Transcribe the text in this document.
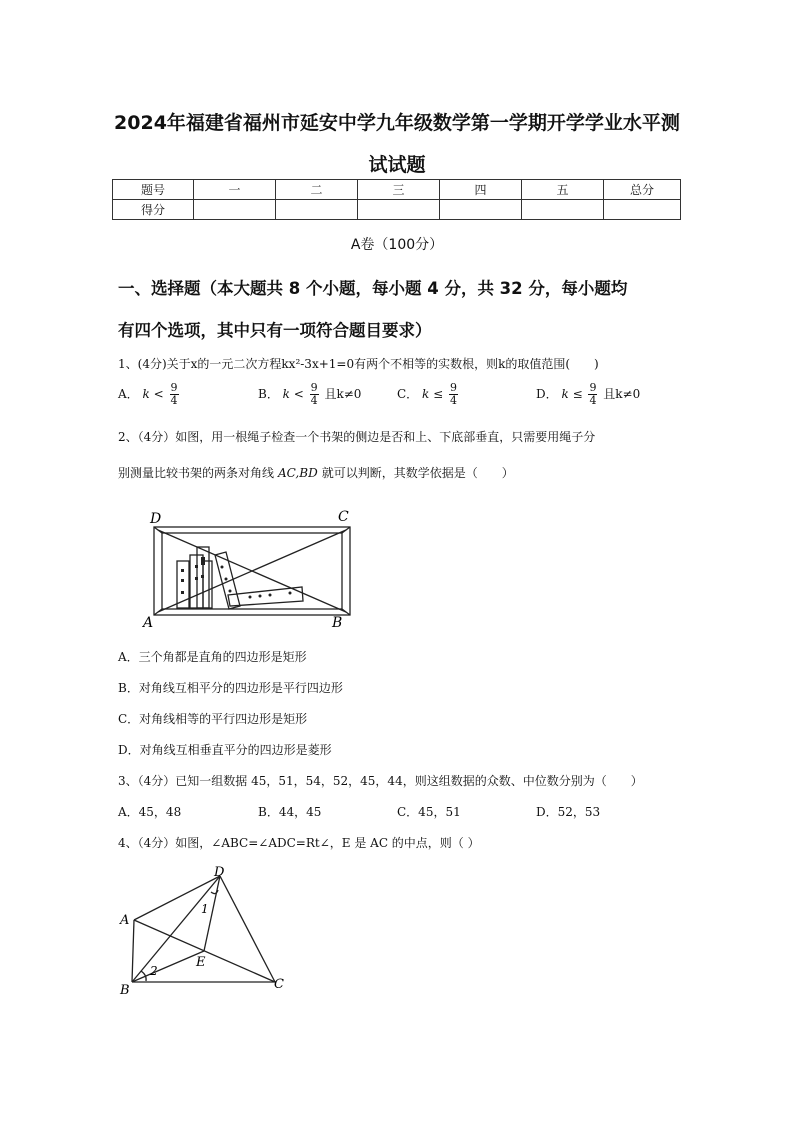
2024年福建省福州市延安中学九年级数学第一学期开学学业水平测
试试题
题号	一	二	三	四	五	总分
得分						
A卷（100分）
一、选择题（本大题共 8 个小题，每小题 4 分，共 32 分，每小题均
有四个选项，其中只有一项符合题目要求）
1、(4分)关于x的一元二次方程kx²-3x+1=0有两个不相等的实数根，则k的取值范围(　　)
A． $k < \frac{9}{4}$	B． $k < \frac{9}{4}$ 且k≠0	C． $k \le \frac{9}{4}$	D． $k \le \frac{9}{4}$ 且k≠0
2、（4分）如图，用一根绳子检查一个书架的侧边是否和上、下底部垂直，只需要用绳子分
别测量比较书架的两条对角线 AC,BD 就可以判断，其数学依据是（　　）
D	C
A	B
A．三个角都是直角的四边形是矩形
B．对角线互相平分的四边形是平行四边形
C．对角线相等的平行四边形是矩形
D．对角线互相垂直平分的四边形是菱形
3、（4分）已知一组数据 45，51，54，52，45，44，则这组数据的众数、中位数分别为（　　）
A．45，48	B．44，45	C．45，51	D．52，53
4、（4分）如图，∠ABC=∠ADC=Rt∠，E 是 AC 的中点，则（ ）
D
A
B	C
E
1
2
